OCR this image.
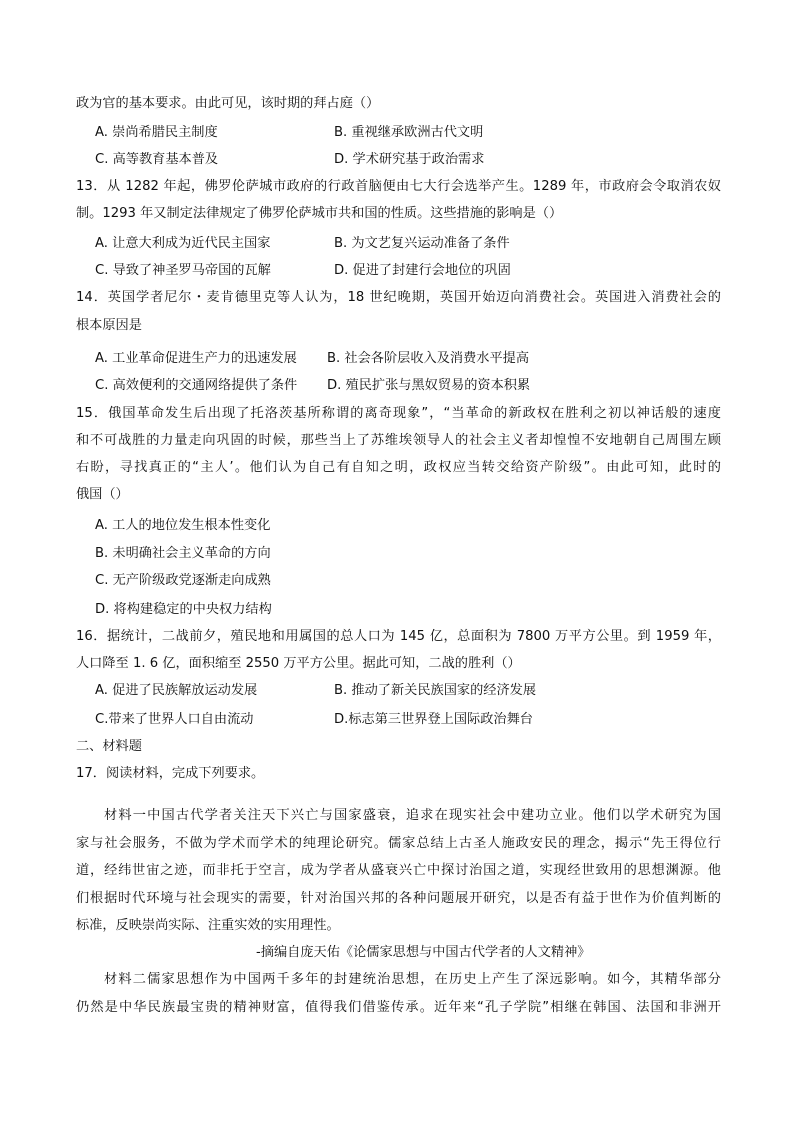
政为官的基本要求。由此可见，该时期的拜占庭（）
A. 崇尚希腊民主制度	B. 重视继承欧洲古代文明
C. 高等教育基本普及	D. 学术研究基于政治需求
13．从 1282 年起，佛罗伦萨城市政府的行政首脑便由七大行会选举产生。1289 年，市政府会令取消农奴
制。1293 年又制定法律规定了佛罗伦萨城市共和国的性质。这些措施的影响是（）
A. 让意大利成为近代民主国家	B. 为文艺复兴运动准备了条件
C. 导致了神圣罗马帝国的瓦解	D. 促进了封建行会地位的巩固
14．英国学者尼尔・麦肯德里克等人认为，18 世纪晚期，英国开始迈向消费社会。英国进入消费社会的
根本原因是
A. 工业革命促进生产力的迅速发展 B. 社会各阶层收入及消费水平提高
C. 高效便利的交通网络提供了条件 D. 殖民扩张与黑奴贸易的资本积累
15．俄国革命发生后出现了托洛茨基所称谓的离奇现象”，“当革命的新政权在胜利之初以神话般的速度
和不可战胜的力量走向巩固的时候，那些当上了苏维埃领导人的社会主义者却惶惶不安地朝自己周围左顾
右盼，寻找真正的“主人’。他们认为自己有自知之明，政权应当转交给资产阶级”。由此可知，此时的
俄国（）
A. 工人的地位发生根本性变化
B. 未明确社会主义革命的方向
C. 无产阶级政党逐渐走向成熟
D. 将构建稳定的中央权力结构
16．据统计，二战前夕，殖民地和用属国的总人口为 145 亿，总面积为 7800 万平方公里。到 1959 年，
人口降至 1. 6 亿，面积缩至 2550 万平方公里。据此可知，二战的胜利（）
A. 促进了民族解放运动发展	B. 推动了新关民族国家的经济发展
C.带来了世界人口自由流动	D.标志第三世界登上国际政治舞台
二、材料题
17．阅读材料，完成下列要求。
材料一中国古代学者关注天下兴亡与国家盛衰，追求在现实社会中建功立业。他们以学术研究为国
家与社会服务，不做为学术而学术的纯理论研究。儒家总结上古圣人施政安民的理念，揭示“先王得位行
道，经纬世宙之迹，而非托于空言，成为学者从盛衰兴亡中探讨治国之道，实现经世致用的思想渊源。他
们根据时代环境与社会现实的需要，针对治国兴邦的各种问题展开研究，以是否有益于世作为价值判断的
标准，反映崇尚实际、注重实效的实用理性。
-摘编自庞天佑《论儒家思想与中国古代学者的人文精神》
材料二儒家思想作为中国两千多年的封建统治思想，在历史上产生了深远影响。如今，其精华部分
仍然是中华民族最宝贵的精神财富，值得我们借鉴传承。近年来“孔子学院”相继在韩国、法国和非洲开
